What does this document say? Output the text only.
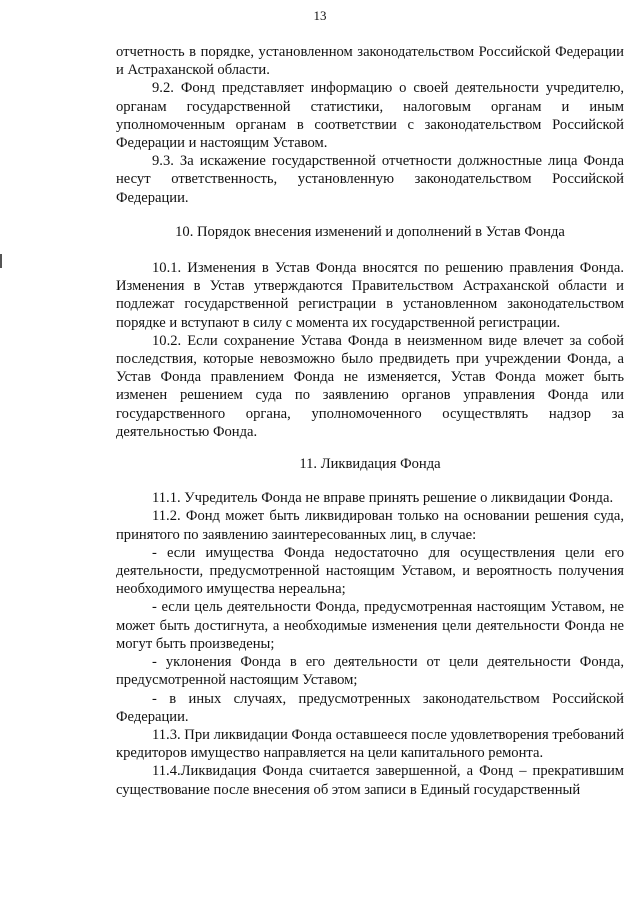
13

отчетность в порядке, установленном законодательством Российской Федерации и Астраханской области.

9.2. Фонд представляет информацию о своей деятельности учредителю, органам государственной статистики, налоговым органам и иным уполномоченным органам в соответствии с законодательством Российской Федерации и настоящим Уставом.

9.3. За искажение государственной отчетности должностные лица Фонда несут ответственность, установленную законодательством Российской Федерации.

10. Порядок внесения изменений и дополнений в Устав Фонда

10.1. Изменения в Устав Фонда вносятся по решению правления Фонда. Изменения в Устав утверждаются Правительством Астраханской области и подлежат государственной регистрации в установленном законодательством порядке и вступают в силу с момента их государственной регистрации.

10.2. Если сохранение Устава Фонда в неизменном виде влечет за собой последствия, которые невозможно было предвидеть при учреждении Фонда, а Устав Фонда правлением Фонда не изменяется, Устав Фонда может быть изменен решением суда по заявлению органов управления Фонда или государственного органа, уполномоченного осуществлять надзор за деятельностью Фонда.

11. Ликвидация Фонда

11.1. Учредитель Фонда не вправе принять решение о ликвидации Фонда.

11.2. Фонд может быть ликвидирован только на основании решения суда, принятого по заявлению заинтересованных лиц, в случае:

- если имущества Фонда недостаточно для осуществления цели его деятельности, предусмотренной настоящим Уставом, и вероятность получения необходимого имущества нереальна;

- если цель деятельности Фонда, предусмотренная настоящим Уставом, не может быть достигнута, а необходимые изменения цели деятельности Фонда не могут быть произведены;

- уклонения Фонда в его деятельности от цели деятельности Фонда, предусмотренной настоящим Уставом;

- в иных случаях, предусмотренных законодательством Российской Федерации.

11.3. При ликвидации Фонда оставшееся после удовлетворения требований кредиторов имущество направляется на цели капитального ремонта.

11.4.Ликвидация Фонда считается завершенной, а Фонд – прекратившим существование после внесения об этом записи в Единый государственный
